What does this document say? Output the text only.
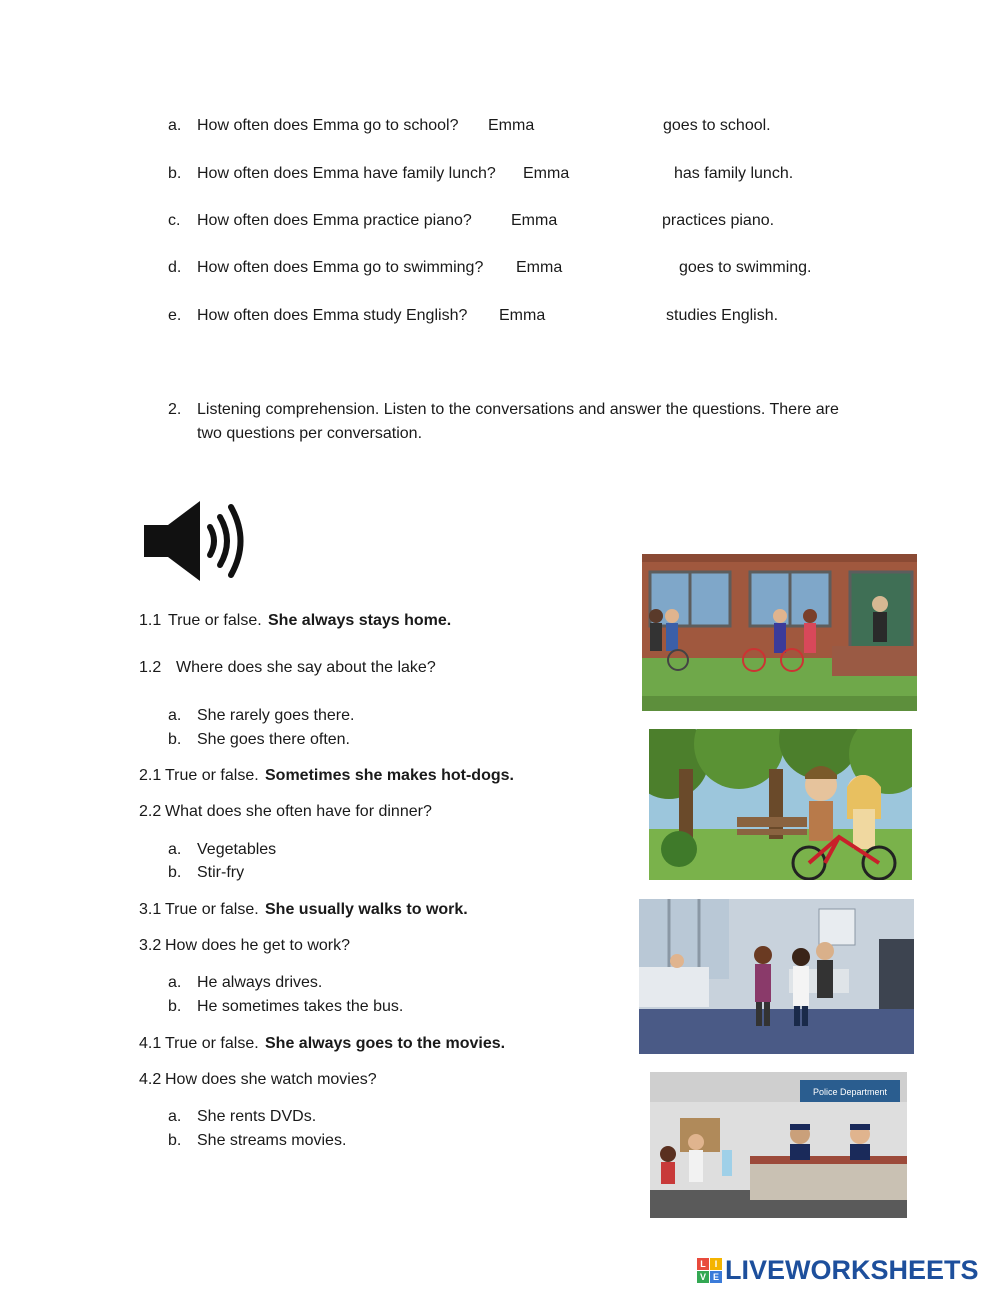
a. How often does Emma go to school? Emma	goes to school.
b. How often does Emma have family lunch? Emma	has family lunch.
c. How often does Emma practice piano? Emma	practices piano.
d. How often does Emma go to swimming? Emma	goes to swimming.
e. How often does Emma study English? Emma	studies English.
2. Listening comprehension. Listen to the conversations and answer the questions. There are
two questions per conversation.
1.1 True or false. She always stays home.
1.2 Where does she say about the lake?
a. She rarely goes there.
b. She goes there often.
2.1 True or false. Sometimes she makes hot-dogs.
2.2 What does she often have for dinner?
a. Vegetables
b. Stir-fry
3.1 True or false. She usually walks to work.
3.2 How does he get to work?
a. He always drives.
b. He sometimes takes the bus.
4.1 True or false. She always goes to the movies.
4.2 How does she watch movies?
a. She rents DVDs.
b. She streams movies.
Police Department
L I
V E LIVEWORKSHEETS
